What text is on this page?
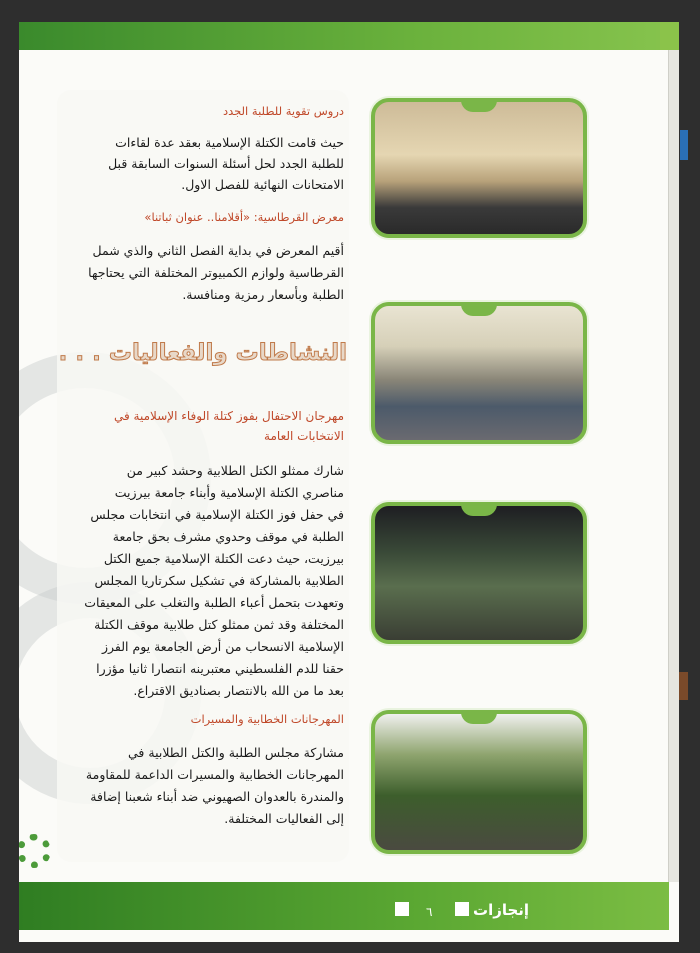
دروس تقوية للطلبة الجدد
حيث قامت الكتلة الإسلامية بعقد عدة لقاءات
للطلبة الجدد لحل أسئلة السنوات السابقة قبل
الامتحانات النهائية للفصل الاول.
معرض القرطاسية: «أقلامنا.. عنوان ثباتنا»
أقيم المعرض في بداية الفصل الثاني والذي شمل
القرطاسية ولوازم الكمبيوتر المختلفة التي يحتاجها
الطلبة وبأسعار رمزية ومنافسة.
النشاطات والفعاليات . . .
مهرجان الاحتفال بفوز كتلة الوفاء الإسلامية في
الانتخابات العامة
شارك ممثلو الكتل الطلابية وحشد كبير من
مناصري الكتلة الإسلامية وأبناء جامعة بيرزيت
في حفل فوز الكتلة الإسلامية في انتخابات مجلس
الطلبة في موقف وحدوي مشرف بحق جامعة
بيرزيت، حيث دعت الكتلة الإسلامية جميع الكتل
الطلابية بالمشاركة في تشكيل سكرتاريا المجلس
وتعهدت بتحمل أعباء الطلبة والتغلب على المعيقات
المختلفة وقد ثمن ممثلو كتل طلابية موقف الكتلة
الإسلامية الانسحاب من أرض الجامعة يوم الفرز
حقنا للدم الفلسطيني معتبرينه انتصارا ثانيا مؤزرا
بعد ما من الله بالانتصار بصناديق الاقتراع.
المهرجانات الخطابية والمسيرات
مشاركة مجلس الطلبة والكتل الطلابية في
المهرجانات الخطابية والمسيرات الداعمة للمقاومة
والمندرة بالعدوان الصهيوني ضد أبناء شعبنا إضافة
إلى الفعاليات المختلفة.
٦	إنجازات
